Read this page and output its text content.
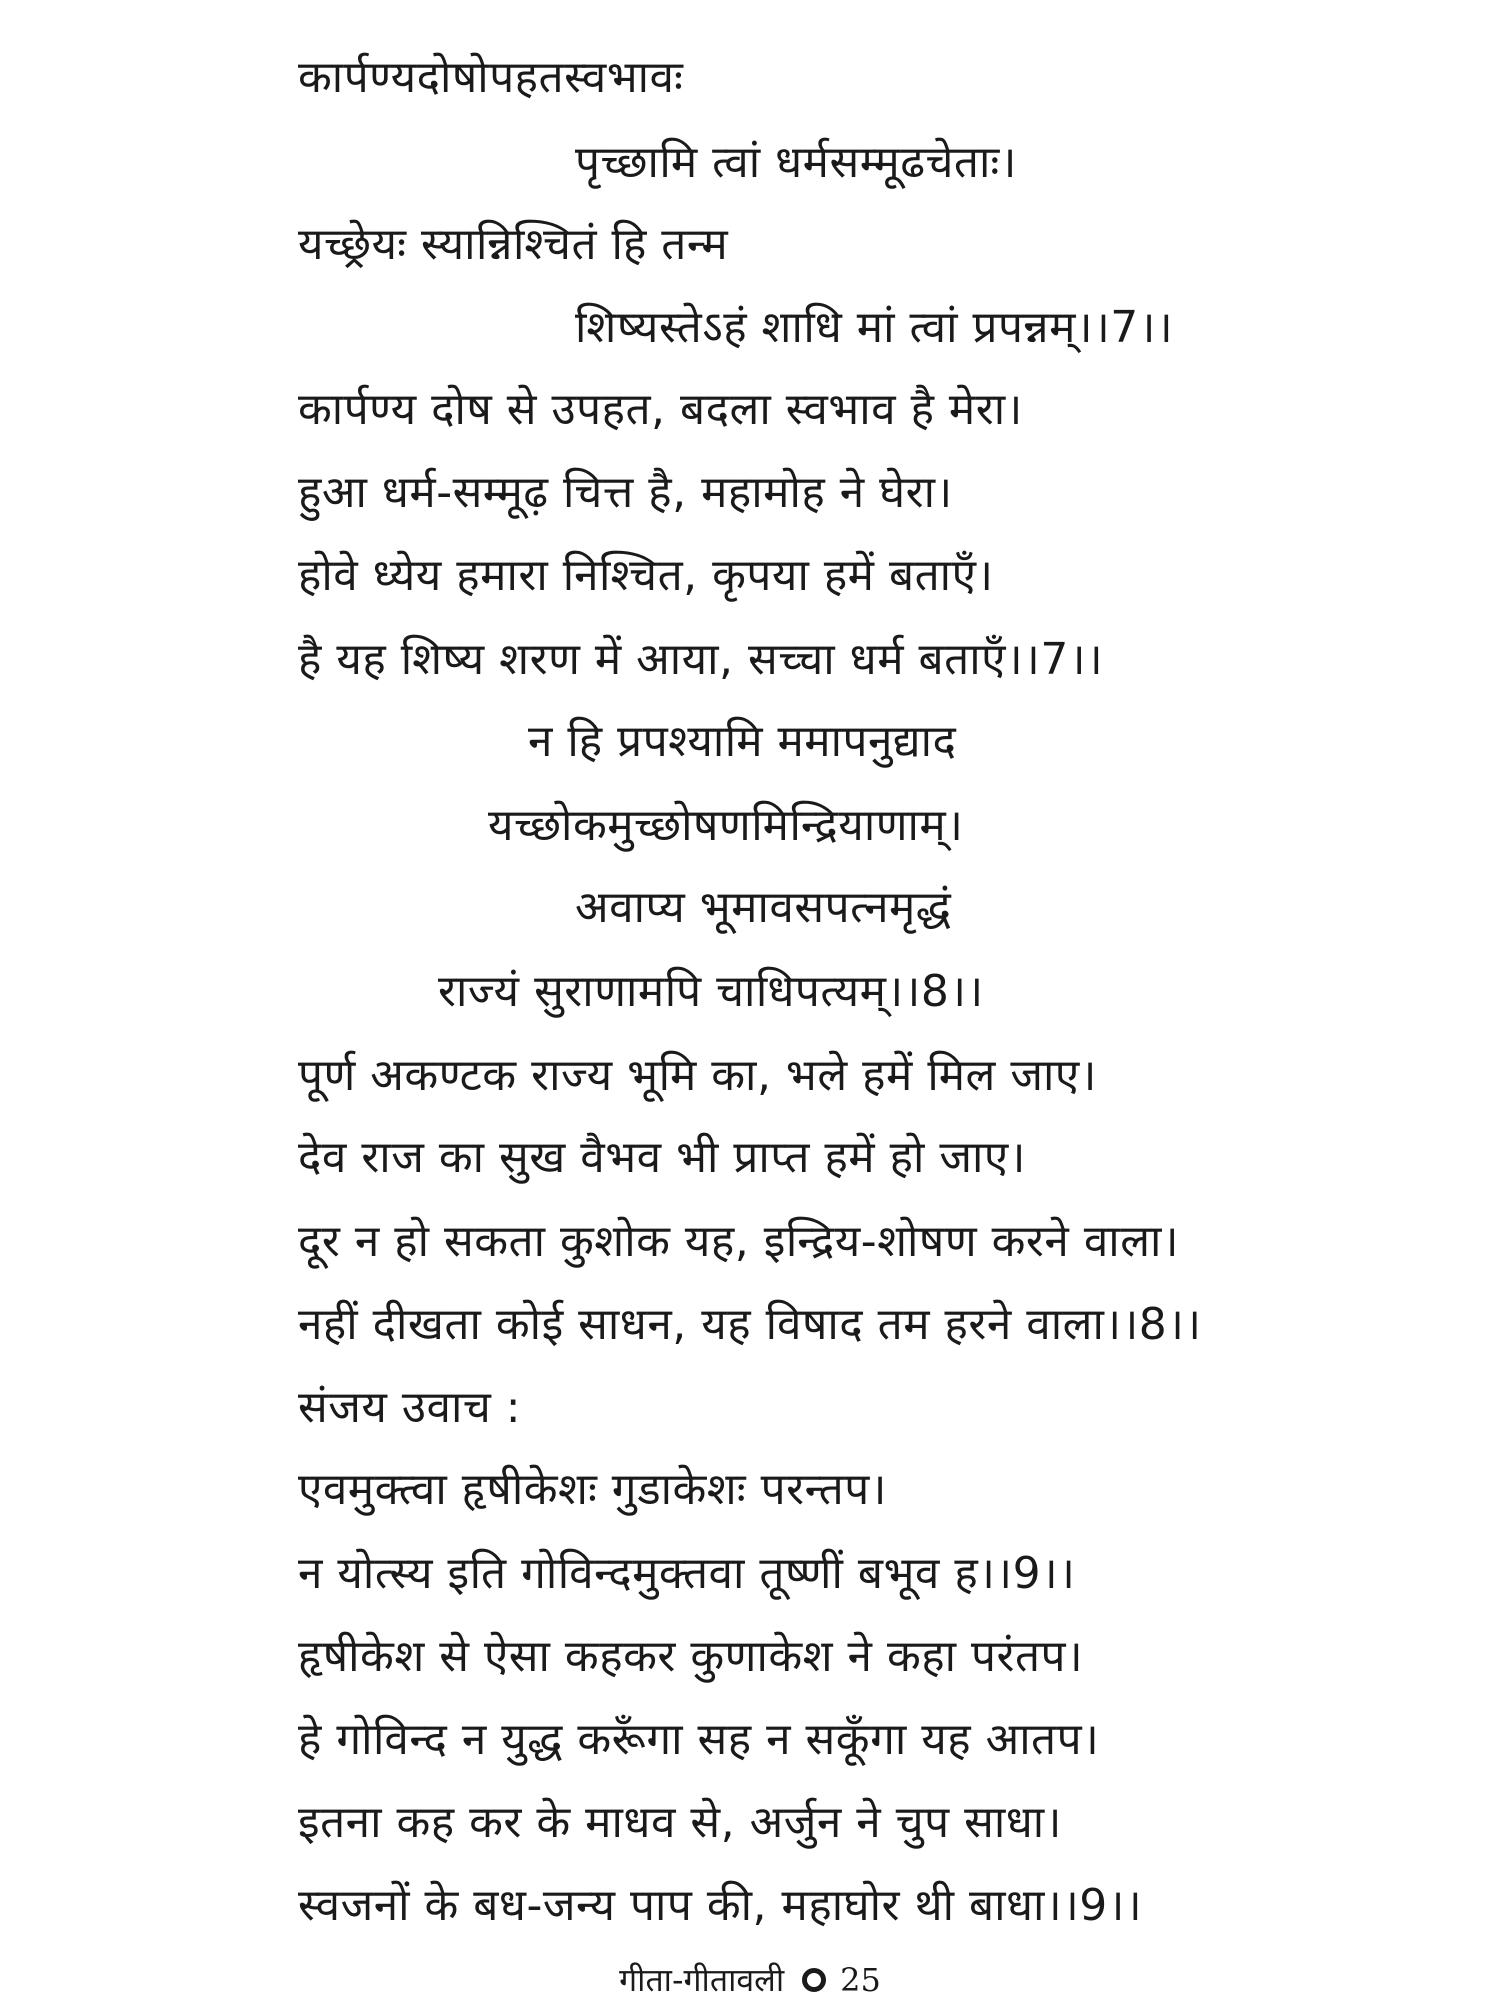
कार्पण्यदोषोपहतस्वभावः
पृच्छामि त्वां धर्मसम्मूढचेताः।
यच्छ्रेयः स्यान्निश्चितं हि तन्म
शिष्यस्तेऽहं शाधि मां त्वां प्रपन्नम्।।7।।
कार्पण्य दोष से उपहत, बदला स्वभाव है मेरा।
हुआ धर्म-सम्मूढ़ चित्त है, महामोह ने घेरा।
होवे ध्येय हमारा निश्चित, कृपया हमें बताएँ।
है यह शिष्य शरण में आया, सच्चा धर्म बताएँ।।7।।
न हि प्रपश्यामि ममापनुद्याद
यच्छोकमुच्छोषणमिन्द्रियाणाम्।
अवाप्य भूमावसपत्नमृद्धं
राज्यं सुराणामपि चाधिपत्यम्।।8।।
पूर्ण अकण्टक राज्य भूमि का, भले हमें मिल जाए।
देव राज का सुख वैभव भी प्राप्त हमें हो जाए।
दूर न हो सकता कुशोक यह, इन्द्रिय-शोषण करने वाला।
नहीं दीखता कोई साधन, यह विषाद तम हरने वाला।।8।।
संजय उवाच :
एवमुक्त्वा हृषीकेशः गुडाकेशः परन्तप।
न योत्स्य इति गोविन्दमुक्तवा तूष्णीं बभूव ह।।9।।
हृषीकेश से ऐसा कहकर कुणाकेश ने कहा परंतप।
हे गोविन्द न युद्ध करूँगा सह न सकूँगा यह आतप।
इतना कह कर के माधव से, अर्जुन ने चुप साधा।
स्वजनों के बध-जन्य पाप की, महाघोर थी बाधा।।9।।
गीता-गीतावली 25
